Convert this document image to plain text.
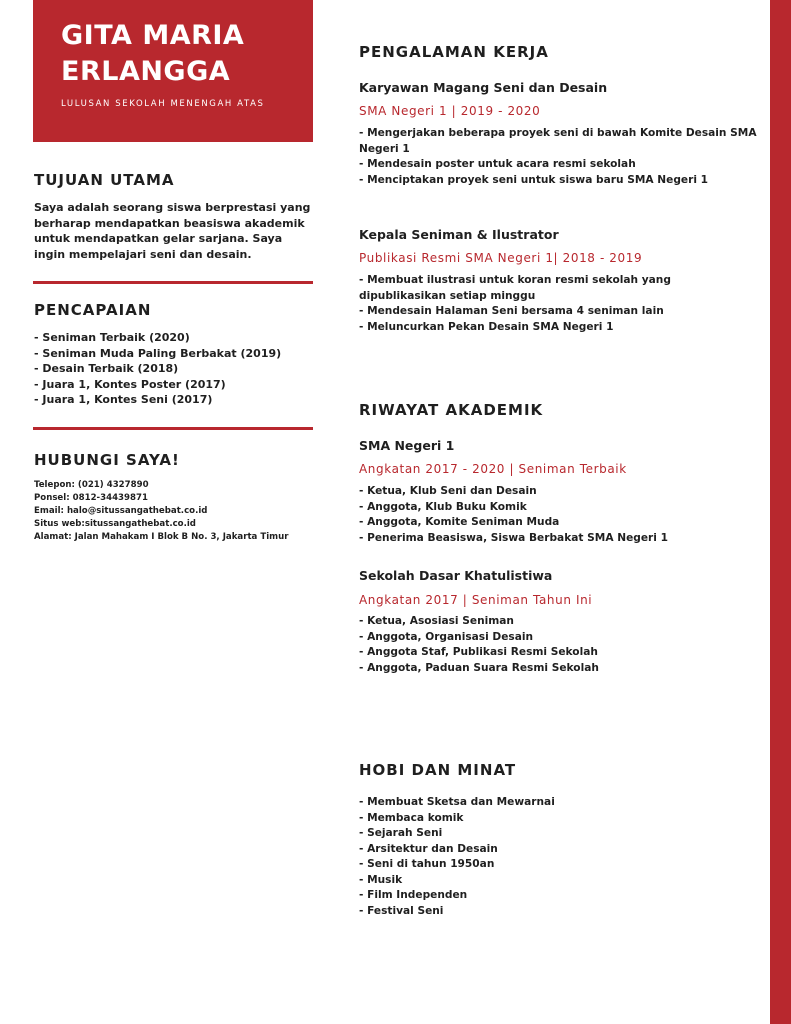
GITA MARIA
ERLANGGA
LULUSAN SEKOLAH MENENGAH ATAS
TUJUAN UTAMA
Saya adalah seorang siswa berprestasi yang berharap mendapatkan beasiswa akademik untuk mendapatkan gelar sarjana. Saya ingin mempelajari seni dan desain.
PENCAPAIAN
- Seniman Terbaik (2020)
- Seniman Muda Paling Berbakat (2019)
- Desain Terbaik (2018)
- Juara 1, Kontes Poster (2017)
- Juara 1, Kontes Seni (2017)
HUBUNGI SAYA!
Telepon: (021) 4327890
Ponsel: 0812-34439871
Email: halo@situssangathebat.co.id
Situs web:situssangathebat.co.id
Alamat: Jalan Mahakam I Blok B No. 3, Jakarta Timur
PENGALAMAN KERJA
Karyawan Magang Seni dan Desain
SMA Negeri 1 | 2019 - 2020
- Mengerjakan beberapa proyek seni di bawah Komite Desain SMA Negeri 1
- Mendesain poster untuk acara resmi sekolah
- Menciptakan proyek seni untuk siswa baru SMA Negeri 1
Kepala Seniman & Ilustrator
Publikasi Resmi SMA Negeri 1| 2018 - 2019
- Membuat ilustrasi untuk koran resmi sekolah yang dipublikasikan setiap minggu
- Mendesain Halaman Seni bersama 4 seniman lain
- Meluncurkan Pekan Desain SMA Negeri 1
RIWAYAT AKADEMIK
SMA Negeri 1
Angkatan 2017 - 2020 | Seniman Terbaik
- Ketua, Klub Seni dan Desain
- Anggota, Klub Buku Komik
- Anggota, Komite Seniman Muda
- Penerima Beasiswa, Siswa Berbakat SMA Negeri 1
Sekolah Dasar Khatulistiwa
Angkatan 2017 | Seniman Tahun Ini
- Ketua, Asosiasi Seniman
- Anggota, Organisasi Desain
- Anggota Staf, Publikasi Resmi Sekolah
- Anggota, Paduan Suara Resmi Sekolah
HOBI DAN MINAT
- Membuat Sketsa dan Mewarnai
- Membaca komik
- Sejarah Seni
- Arsitektur dan Desain
- Seni di tahun 1950an
- Musik
- Film Independen
- Festival Seni
